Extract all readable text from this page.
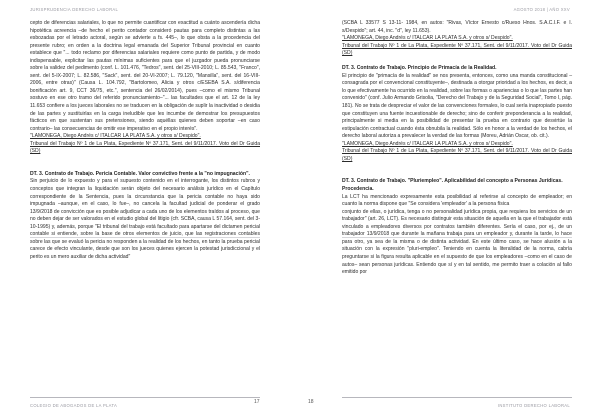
JURISPRUDENCIA DERECHO LABORAL

cepto de diferencias salariales, lo que no permite cuantificar con exactitud a cuánto ascendería dicha hipotética acreencia –de hecho el perito contador consideró pautas para completo distintas a las esbozadas por el letrado actoral, según se advierte a fs. 445–, lo que obsta a la procedencia del presente rubro; en orden a la doctrina legal emanada del Superior Tribunal provincial en cuanto establece que "... todo reclamo por diferencias salariales requiere como punto de partida, y de modo indispensable, explicitar las pautas mínimas suficientes para que el juzgador pueda pronunciarse sobre la validez del pedimento (conf. L. 101.476, "Tedros", sent. del 25-VIII-2010; L. 85.543, "Franco", sent. del 5-IX-2007; L. 82.586, "Sack", sent. del 20-VI-2007; L. 79.120, "Mansilla", sent. del 16-VIII-2006, entre otras)" (Causa L. 104.792, "Bartolomeo, Alicia y otros c/ESEBA S.A. s/diferencia bonificación art. 9, CCT 36/75, etc.", sentencia del 26/02/2014), pues –como el mismo Tribunal sostuvo en ese otro tramo del referido pronunciamiento–"... las facultades que el art. 12 de la ley 11.653 confiere a los jueces laborales no se traducen en la obligación de suplir la inactividad o desidia de las partes y sustituirlas en la carga ineludible que les incumbe de demostrar los presupuestos fácticos en que sustentan sus pretensiones, siendo aquéllas quienes deben soportar –en caso contrario– las consecuencias de omitir ese imperativo en el propio interés".

"LAMONEGA, Diego Andrés c/ ITALCAR LA PLATA S.A. y otros s/ Despido".

Tribunal del Trabajo Nº 1 de La Plata, Expediente Nº 37.171, Sent. del 9/11/2017. Voto del Dr Guida (SD)

DT. 3. Contrato de Trabajo. Pericia Contable. Valor convictivo frente a la "no impugnación".

Sin perjuicio de lo expuesto y para el supuesto contenido en el interrogante, los distintos rubros y conceptos que integran la liquidación serán objeto del necesario análisis jurídico en el Capítulo correspondiente de la Sentencia, pues la circunstancia que la pericia contable no haya sido impugnada –aunque, en el caso, lo fue–, no cancela la facultad judicial de ponderar el grado 13/9/2018 de convicción que es posible adjudicar a cada uno de los elementos traídos al proceso, que no deben dejar de ser valorados en el estudio global del litigio (cfr. SCBA, causa L 57.164, sent. del 3-10-1995) y, además, porque "El tribunal del trabajo está facultado para apartarse del dictamen pericial contable si entiende, sobre la base de otros elementos de juicio, que las registraciones contables sobre las que se evaluó la pericia no responden a la realidad de los hechos, en tanto la prueba pericial carece de efecto vinculante, desde que son los jueces quienes ejercen la potestad jurisdiccional y el perito es un mero auxiliar de dicha actividad"

COLEGIO DE ABOGADOS DE LA PLATA
17
AGOSTO 2018 | AÑO XXV

(SCBA L 33577 S 13-11- 1984, en autos: "Rivas, Víctor Ernesto c/Rueso Hnos. S.A.C.I.F. e I. s/Despido"; art. 44, inc. "d", ley 11.653).

"LAMONEGA, Diego Andrés c/ ITALCAR LA PLATA S.A. y otros s/ Despido".

Tribunal del Trabajo Nº 1 de La Plata, Expediente Nº 37.171, Sent. del 9/11/2017. Voto del Dr Guida (SD)

DT. 3. Contrato de Trabajo. Principio de Primacía de la Realidad.

El principio de "primacía de la realidad" se nos presenta, entonces, como una manda constitucional –consagrada por el convencional constituyente–, destinada a otorgar prioridad a los hechos, es decir, a lo que efectivamente ha ocurrido en la realidad, sobre las formas o apariencias o lo que las partes han convenido" (conf. Julio Armando Grisolia, "Derecho del Trabajo y de la Seguridad Social", Tomo I, pág. 181). No se trata de despreciar el valor de las convenciones formales, lo cual sería inapropiado puesto que constituyen una fuente incuestionable de derecho; sino de conferir preponderancia a la realidad, principalmente si media en la posibilidad de presentar la prueba en contrario que desvirtúe la estipulación contractual cuando ésta obnubila la realidad. Sólo en honor a la verdad de los hechos, el derecho laboral autoriza a prevalecer la verdad de las formas (Moreu, Adrián Oscar, ob. cit.).

"LAMONEGA, Diego Andrés c/ ITALCAR LA PLATA S.A. y otros s/ Despido".

Tribunal del Trabajo Nº 1 de La Plata, Expediente Nº 37.171, Sent. del 9/11/2017. Voto del Dr Guida (SD)

DT. 3. Contrato de Trabajo. "Pluriempleo". Aplicabilidad del concepto a Personas Jurídicas. Procedencia.

La LCT ha mencionado expresamente esta posibilidad al referirse al concepto de empleador; en cuanto la norma dispone que "Se considera 'empleador' a la persona física

conjunto de ellas, o jurídica, tenga o no personalidad jurídica propia, que requiera los servicios de un trabajador" (art. 26, LCT). Es necesario distinguir esta situación de aquella en la que el trabajador está vinculado a empleadores diversos por contratos también diferentes. Sería el caso, por ej., de un trabajador 13/9/2018 que durante la mañana trabaja para un empleador y, durante la tarde, lo hace para otro, ya sea de la misma o de distinta actividad. En este último caso, se hace alusión a la situación con la expresión "pluri-empleo". Teniendo en cuenta la literalidad de la norma, cabría preguntarse si la figura resulta aplicable en el supuesto de que los empleadores –como en el caso de autos– sean personas jurídicas. Entiendo que sí y en tal sentido, me permito traer a colación al fallo emitido por

18
INSTITUTO DERECHO LABORAL
